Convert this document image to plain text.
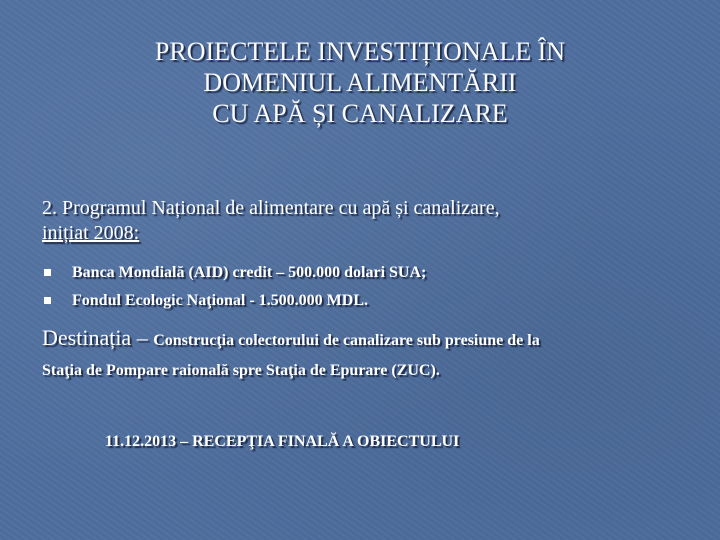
PROIECTELE INVESTIȚIONALE ÎN
DOMENIUL ALIMENTĂRII
CU APĂ ȘI CANALIZARE
2. Programul Național de alimentare cu apă și canalizare,
inițiat 2008:
Banca Mondială (AID) credit – 500.000 dolari SUA;
Fondul Ecologic Naţional - 1.500.000 MDL.
Destinația – Construcţia colectorului de canalizare sub presiune de la
Staţia de Pompare raională spre Staţia de Epurare (ZUC).
11.12.2013 – RECEPŢIA FINALĂ A OBIECTULUI
